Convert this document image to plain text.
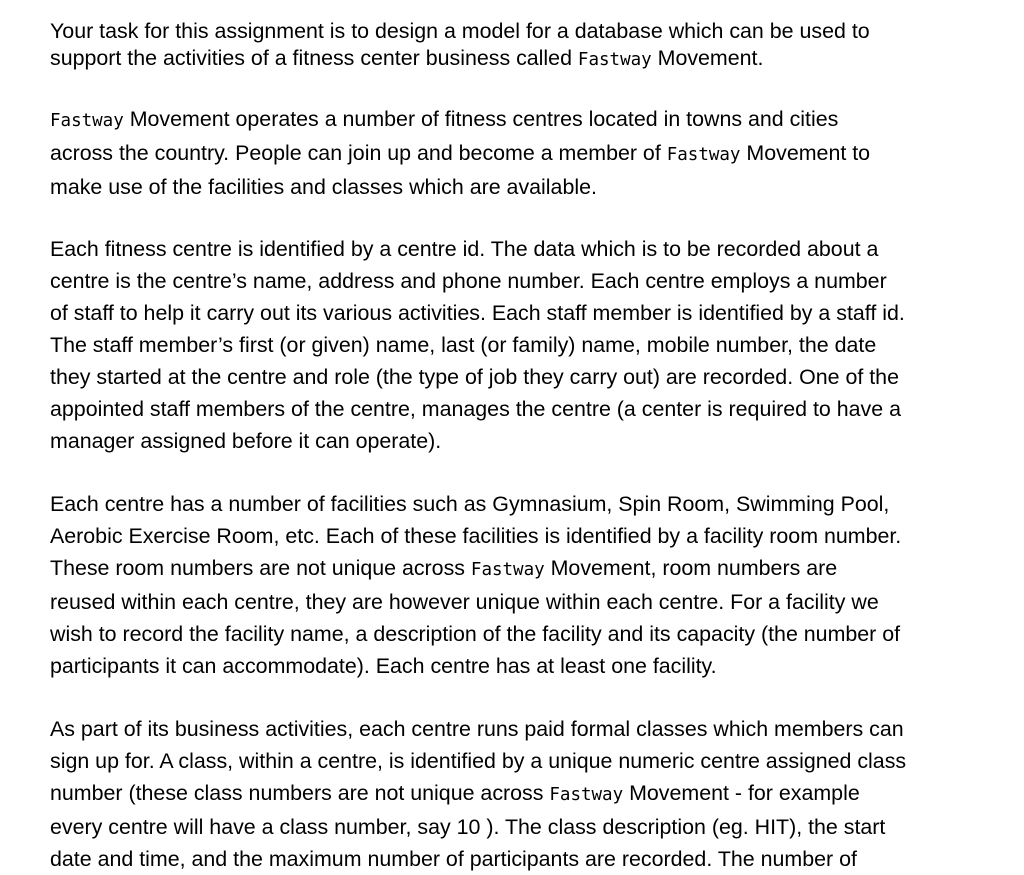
Your task for this assignment is to design a model for a database which can be used to
support the activities of a fitness center business called Fastway Movement.

Fastway Movement operates a number of fitness centres located in towns and cities
across the country. People can join up and become a member of Fastway Movement to
make use of the facilities and classes which are available.

Each fitness centre is identified by a centre id. The data which is to be recorded about a
centre is the centre’s name, address and phone number. Each centre employs a number
of staff to help it carry out its various activities. Each staff member is identified by a staff id.
The staff member’s first (or given) name, last (or family) name, mobile number, the date
they started at the centre and role (the type of job they carry out) are recorded. One of the
appointed staff members of the centre, manages the centre (a center is required to have a
manager assigned before it can operate).

Each centre has a number of facilities such as Gymnasium, Spin Room, Swimming Pool,
Aerobic Exercise Room, etc. Each of these facilities is identified by a facility room number.
These room numbers are not unique across Fastway Movement, room numbers are
reused within each centre, they are however unique within each centre. For a facility we
wish to record the facility name, a description of the facility and its capacity (the number of
participants it can accommodate). Each centre has at least one facility.

As part of its business activities, each centre runs paid formal classes which members can
sign up for. A class, within a centre, is identified by a unique numeric centre assigned class
number (these class numbers are not unique across Fastway Movement - for example
every centre will have a class number, say 10 ). The class description (eg. HIT), the start
date and time, and the maximum number of participants are recorded. The number of
